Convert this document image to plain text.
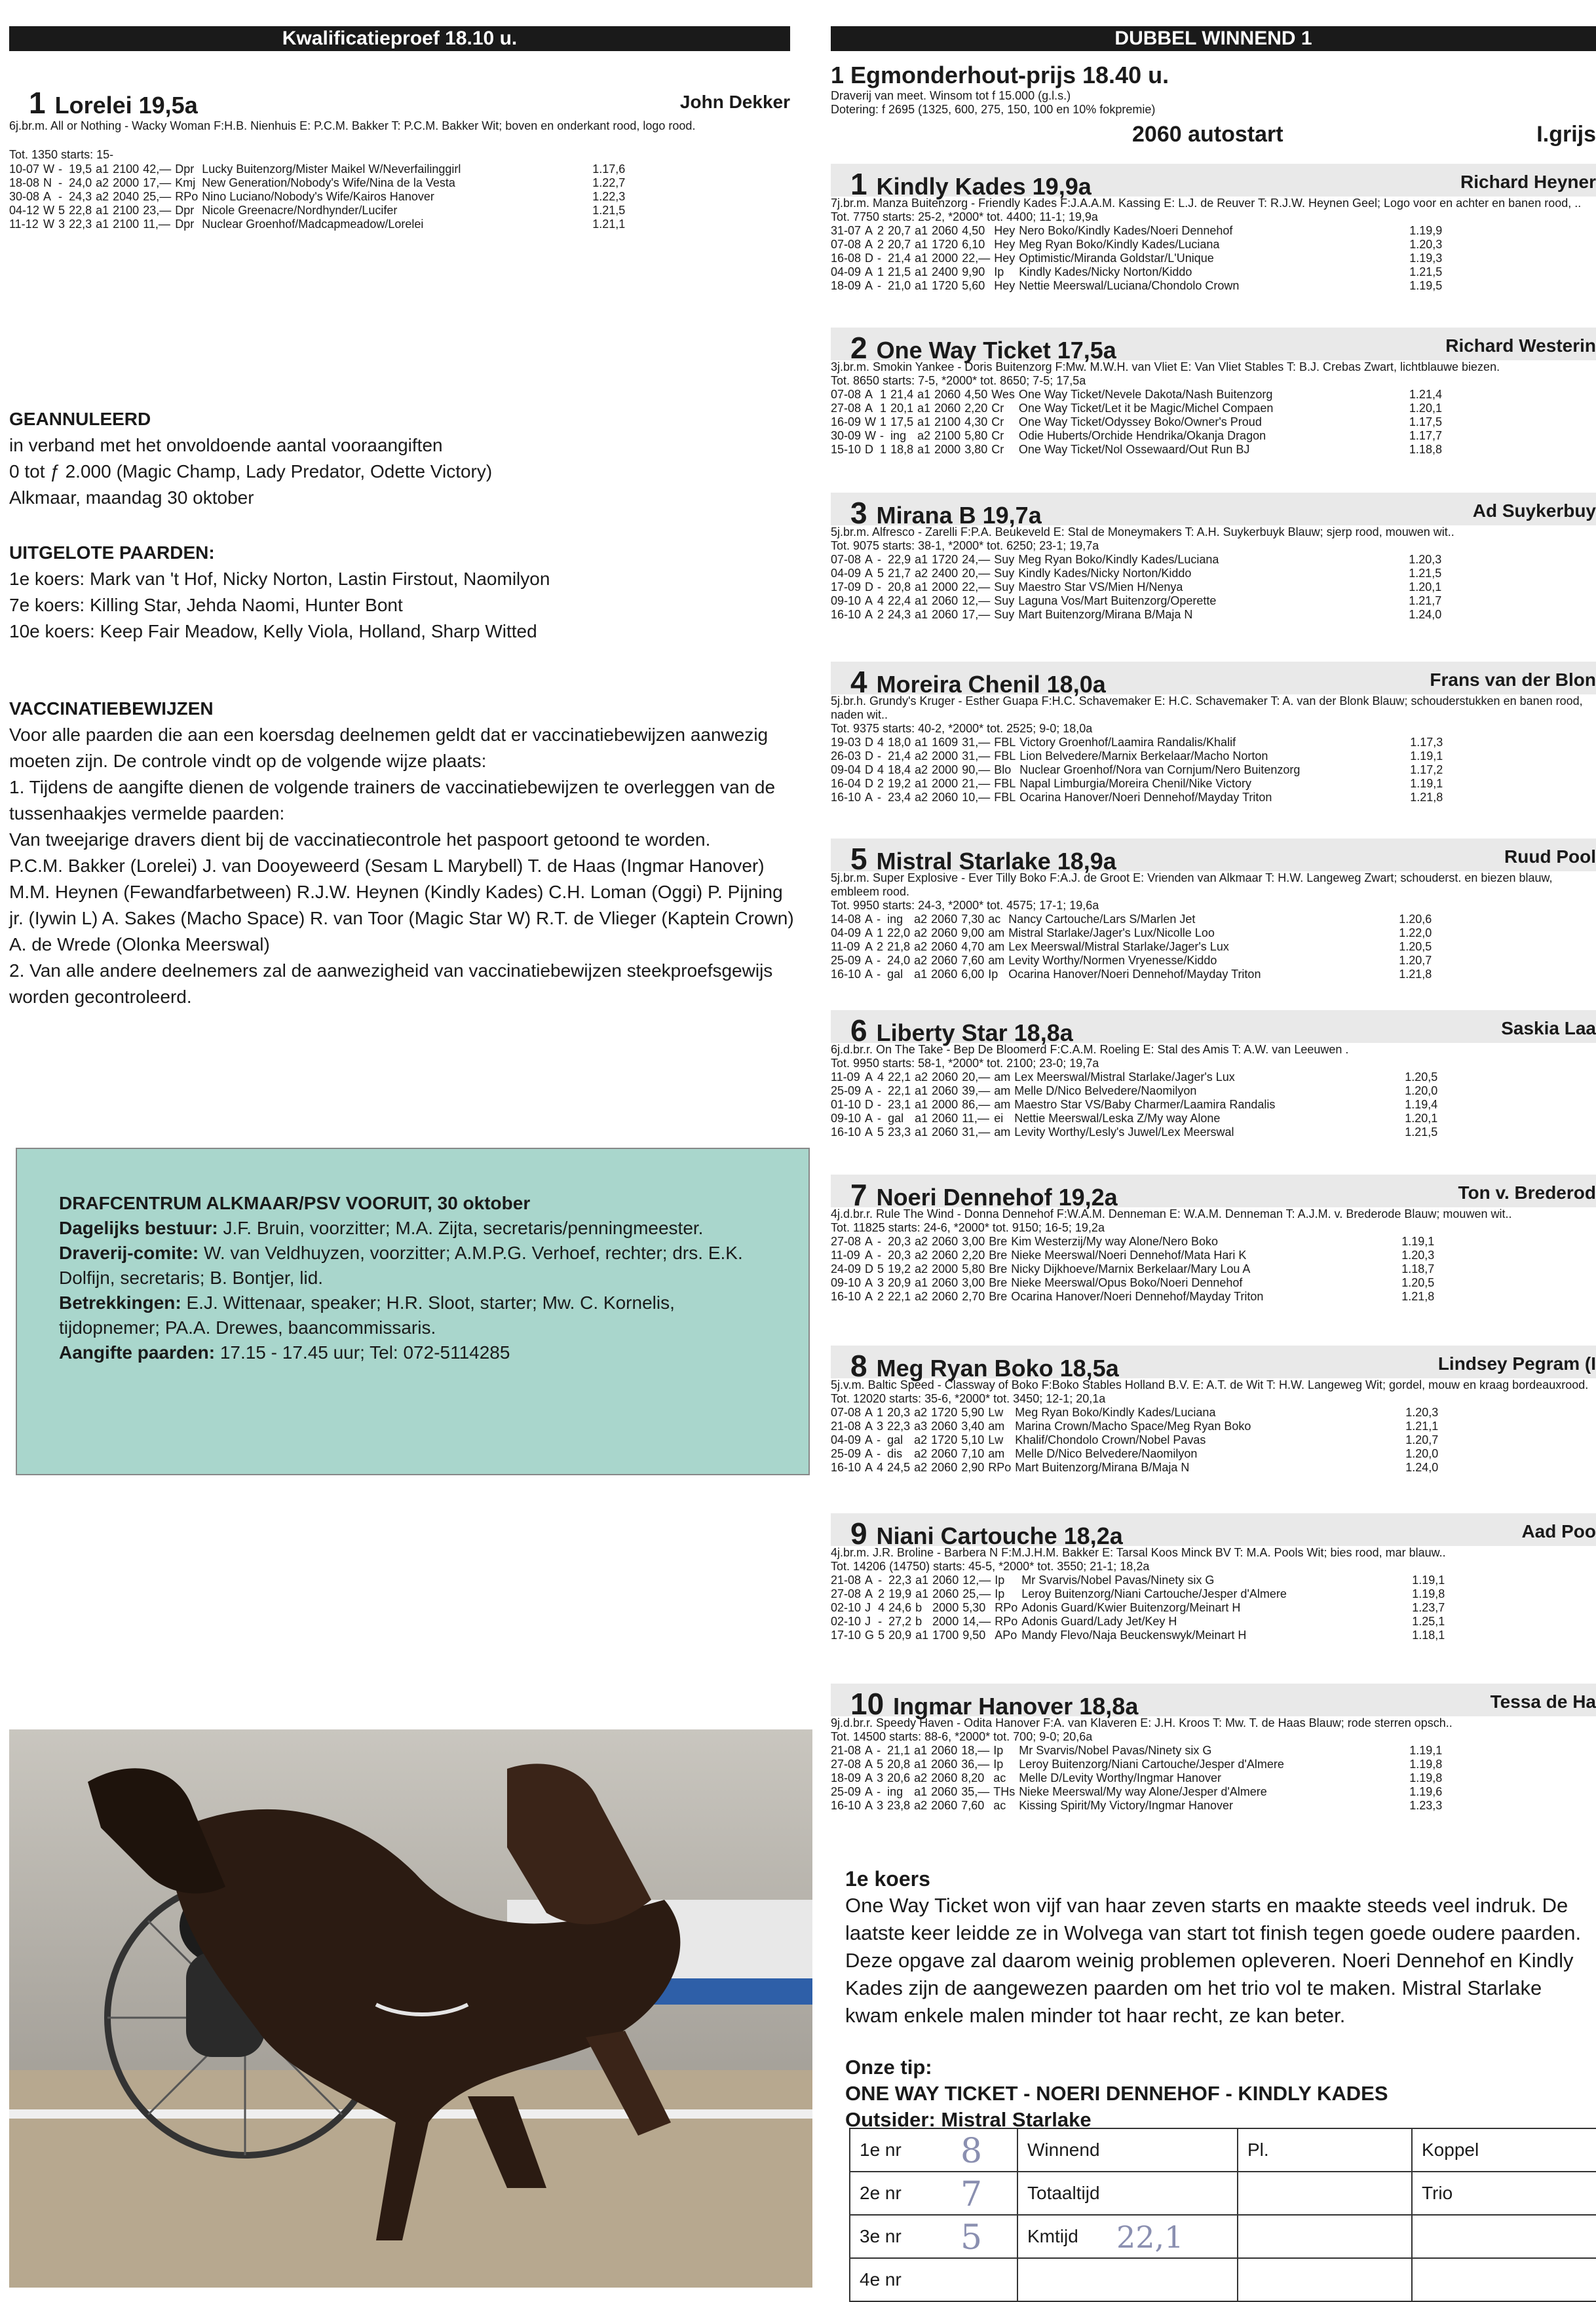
Kwalificatieproef 18.10 u.
1 Lorelei 19,5a	John Dekker
6j.br.m. All or Nothing - Wacky Woman F:H.B. Nienhuis E: P.C.M. Bakker T: P.C.M. Bakker Wit; boven en onderkant rood, logo rood.
Tot. 1350 starts: 15-
10-07	W	-	19,5	a1	2100	42,—	Dpr	Lucky Buitenzorg/Mister Maikel W/Neverfailinggirl	1.17,6
18-08	N	-	24,0	a2	2000	17,—	Kmj	New Generation/Nobody's Wife/Nina de la Vesta	1.22,7
30-08	A	-	24,3	a2	2040	25,—	RPo	Nino Luciano/Nobody's Wife/Kairos Hanover	1.22,3
04-12	W	5	22,8	a1	2100	23,—	Dpr	Nicole Greenacre/Nordhynder/Lucifer	1.21,5
11-12	W	3	22,3	a1	2100	11,—	Dpr	Nuclear Groenhof/Madcapmeadow/Lorelei	1.21,1
GEANNULEERD
in verband met het onvoldoende aantal vooraangiften
0 tot ƒ 2.000 (Magic Champ, Lady Predator, Odette Victory)
Alkmaar, maandag 30 oktober
UITGELOTE PAARDEN:
1e koers: Mark van 't Hof, Nicky Norton, Lastin Firstout, Naomilyon
7e koers: Killing Star, Jehda Naomi, Hunter Bont
10e koers: Keep Fair Meadow, Kelly Viola, Holland, Sharp Witted
VACCINATIEBEWIJZEN
Voor alle paarden die aan een koersdag deelnemen geldt dat er vaccinatiebewijzen aanwezig moeten zijn. De controle vindt op de volgende wijze plaats:
1. Tijdens de aangifte dienen de volgende trainers de vaccinatiebewijzen te overleggen van de tussenhaakjes vermelde paarden:
Van tweejarige dravers dient bij de vaccinatiecontrole het paspoort getoond te worden.
P.C.M. Bakker (Lorelei) J. van Dooyeweerd (Sesam L Marybell) T. de Haas (Ingmar Hanover) M.M. Heynen (Fewandfarbetween) R.J.W. Heynen (Kindly Kades) C.H. Loman (Oggi) P. Pijning jr. (Iywin L) A. Sakes (Macho Space) R. van Toor (Magic Star W) R.T. de Vlieger (Kaptein Crown) A. de Wrede (Olonka Meerswal)
2. Van alle andere deelnemers zal de aanwezigheid van vaccinatiebewijzen steekproefsgewijs worden gecontroleerd.
DRAFCENTRUM ALKMAAR/PSV VOORUIT, 30 oktober
Dagelijks bestuur: J.F. Bruin, voorzitter; M.A. Zijta, secretaris/penningmeester.
Draverij-comite: W. van Veldhuyzen, voorzitter; A.M.P.G. Verhoef, rechter; drs. E.K. Dolfijn, secretaris; B. Bontjer, lid.
Betrekkingen: E.J. Wittenaar, speaker; H.R. Sloot, starter; Mw. C. Kornelis, tijdopnemer; PA.A. Drewes, baancommissaris.
Aangifte paarden: 17.15 - 17.45 uur; Tel: 072-5114285
DUBBEL WINNEND 1
1 Egmonderhout-prijs 18.40 u.
Draverij van meet. Winsom tot f 15.000 (g.l.s.)
Dotering: f 2695 (1325, 600, 275, 150, 100 en 10% fokpremie)
2060 autostart	I.grijs
1 Kindly Kades 19,9a	Richard Heyner
7j.br.m. Manza Buitenzorg - Friendly Kades F:J.A.A.M. Kassing E: L.J. de Reuver T: R.J.W. Heynen Geel; Logo voor en achter en banen rood, ..
Tot. 7750 starts: 25-2, *2000* tot. 4400; 11-1; 19,9a
31-07	A	2	20,7	a1	2060	4,50	Hey	Nero Boko/Kindly Kades/Noeri Dennehof	1.19,9
07-08	A	2	20,7	a1	1720	6,10	Hey	Meg Ryan Boko/Kindly Kades/Luciana	1.20,3
16-08	D	-	21,4	a1	2000	22,—	Hey	Optimistic/Miranda Goldstar/L'Unique	1.19,3
04-09	A	1	21,5	a1	2400	9,90	Ip	Kindly Kades/Nicky Norton/Kiddo	1.21,5
18-09	A	-	21,0	a1	1720	5,60	Hey	Nettie Meerswal/Luciana/Chondolo Crown	1.19,5
2 One Way Ticket 17,5a	Richard Westerin
3j.br.m. Smokin Yankee - Doris Buitenzorg F:Mw. M.W.H. van Vliet E: Van Vliet Stables T: B.J. Crebas Zwart, lichtblauwe biezen.
Tot. 8650 starts: 7-5, *2000* tot. 8650; 7-5; 17,5a
07-08	A	1	21,4	a1	2060	4,50	Wes	One Way Ticket/Nevele Dakota/Nash Buitenzorg	1.21,4
27-08	A	1	20,1	a1	2060	2,20	Cr	One Way Ticket/Let it be Magic/Michel Compaen	1.20,1
16-09	W	1	17,5	a1	2100	4,30	Cr	One Way Ticket/Odyssey Boko/Owner's Proud	1.17,5
30-09	W	-	ing	a2	2100	5,80	Cr	Odie Huberts/Orchide Hendrika/Okanja Dragon	1.17,7
15-10	D	1	18,8	a1	2000	3,80	Cr	One Way Ticket/Nol Ossewaard/Out Run BJ	1.18,8
3 Mirana B 19,7a	Ad Suykerbuy
5j.br.m. Alfresco - Zarelli F:P.A. Beukeveld E: Stal de Moneymakers T: A.H. Suykerbuyk Blauw; sjerp rood, mouwen wit..
Tot. 9075 starts: 38-1, *2000* tot. 6250; 23-1; 19,7a
07-08	A	-	22,9	a1	1720	24,—	Suy	Meg Ryan Boko/Kindly Kades/Luciana	1.20,3
04-09	A	5	21,7	a2	2400	20,—	Suy	Kindly Kades/Nicky Norton/Kiddo	1.21,5
17-09	D	-	20,8	a1	2000	22,—	Suy	Maestro Star VS/Mien H/Nenya	1.20,1
09-10	A	4	22,4	a1	2060	12,—	Suy	Laguna Vos/Mart Buitenzorg/Operette	1.21,7
16-10	A	2	24,3	a1	2060	17,—	Suy	Mart Buitenzorg/Mirana B/Maja N	1.24,0
4 Moreira Chenil 18,0a	Frans van der Blon
5j.br.h. Grundy's Kruger - Esther Guapa F:H.C. Schavemaker E: H.C. Schavemaker T: A. van der Blonk Blauw; schouderstukken en banen rood, naden wit..
Tot. 9375 starts: 40-2, *2000* tot. 2525; 9-0; 18,0a
19-03	D	4	18,0	a1	1609	31,—	FBL	Victory Groenhof/Laamira Randalis/Khalif	1.17,3
26-03	D	-	21,4	a2	2000	31,—	FBL	Lion Belvedere/Marnix Berkelaar/Macho Norton	1.19,1
09-04	D	4	18,4	a2	2000	90,—	Blo	Nuclear Groenhof/Nora van Cornjum/Nero Buitenzorg	1.17,2
16-04	D	2	19,2	a1	2000	21,—	FBL	Napal Limburgia/Moreira Chenil/Nike Victory	1.19,1
16-10	A	-	23,4	a2	2060	10,—	FBL	Ocarina Hanover/Noeri Dennehof/Mayday Triton	1.21,8
5 Mistral Starlake 18,9a	Ruud Pool
5j.br.m. Super Explosive - Ever Tilly Boko F:A.J. de Groot E: Vrienden van Alkmaar T: H.W. Langeweg Zwart; schouderst. en biezen blauw, embleem rood.
Tot. 9950 starts: 24-3, *2000* tot. 4575; 17-1; 19,6a
14-08	A	-	ing	a2	2060	7,30	ac	Nancy Cartouche/Lars S/Marlen Jet	1.20,6
04-09	A	1	22,0	a2	2060	9,00	am	Mistral Starlake/Jager's Lux/Nicolle Loo	1.22,0
11-09	A	2	21,8	a2	2060	4,70	am	Lex Meerswal/Mistral Starlake/Jager's Lux	1.20,5
25-09	A	-	24,0	a2	2060	7,60	am	Levity Worthy/Normen Vryenesse/Kiddo	1.20,7
16-10	A	-	gal	a1	2060	6,00	Ip	Ocarina Hanover/Noeri Dennehof/Mayday Triton	1.21,8
6 Liberty Star 18,8a	Saskia Laa
6j.d.br.r. On The Take - Bep De Bloomerd F:C.A.M. Roeling E: Stal des Amis T: A.W. van Leeuwen .
Tot. 9950 starts: 58-1, *2000* tot. 2100; 23-0; 19,7a
11-09	A	4	22,1	a2	2060	20,—	am	Lex Meerswal/Mistral Starlake/Jager's Lux	1.20,5
25-09	A	-	22,1	a1	2060	39,—	am	Melle D/Nico Belvedere/Naomilyon	1.20,0
01-10	D	-	23,1	a1	2000	86,—	am	Maestro Star VS/Baby Charmer/Laamira Randalis	1.19,4
09-10	A	-	gal	a1	2060	11,—	ei	Nettie Meerswal/Leska Z/My way Alone	1.20,1
16-10	A	5	23,3	a1	2060	31,—	am	Levity Worthy/Lesly's Juwel/Lex Meerswal	1.21,5
7 Noeri Dennehof 19,2a	Ton v. Brederod
4j.d.br.r. Rule The Wind - Donna Dennehof F:W.A.M. Denneman E: W.A.M. Denneman T: A.J.M. v. Brederode Blauw; mouwen wit..
Tot. 11825 starts: 24-6, *2000* tot. 9150; 16-5; 19,2a
27-08	A	-	20,3	a2	2060	3,00	Bre	Kim Westerzij/My way Alone/Nero Boko	1.19,1
11-09	A	-	20,3	a2	2060	2,20	Bre	Nieke Meerswal/Noeri Dennehof/Mata Hari K	1.20,3
24-09	D	5	19,2	a2	2000	5,80	Bre	Nicky Dijkhoeve/Marnix Berkelaar/Mary Lou A	1.18,7
09-10	A	3	20,9	a1	2060	3,00	Bre	Nieke Meerswal/Opus Boko/Noeri Dennehof	1.20,5
16-10	A	2	22,1	a2	2060	2,70	Bre	Ocarina Hanover/Noeri Dennehof/Mayday Triton	1.21,8
8 Meg Ryan Boko 18,5a	Lindsey Pegram (I
5j.v.m. Baltic Speed - Classway of Boko F:Boko Stables Holland B.V. E: A.T. de Wit T: H.W. Langeweg Wit; gordel, mouw en kraag bordeauxrood.
Tot. 12020 starts: 35-6, *2000* tot. 3450; 12-1; 20,1a
07-08	A	1	20,3	a2	1720	5,90	Lw	Meg Ryan Boko/Kindly Kades/Luciana	1.20,3
21-08	A	3	22,3	a3	2060	3,40	am	Marina Crown/Macho Space/Meg Ryan Boko	1.21,1
04-09	A	-	gal	a2	1720	5,10	Lw	Khalif/Chondolo Crown/Nobel Pavas	1.20,7
25-09	A	-	dis	a2	2060	7,10	am	Melle D/Nico Belvedere/Naomilyon	1.20,0
16-10	A	4	24,5	a2	2060	2,90	RPo	Mart Buitenzorg/Mirana B/Maja N	1.24,0
9 Niani Cartouche 18,2a	Aad Poo
4j.br.m. J.R. Broline - Barbera N F:M.J.H.M. Bakker E: Tarsal Koos Minck BV T: M.A. Pools Wit; bies rood, mar blauw..
Tot. 14206 (14750) starts: 45-5, *2000* tot. 3550; 21-1; 18,2a
21-08	A	-	22,3	a1	2060	12,—	Ip	Mr Svarvis/Nobel Pavas/Ninety six G	1.19,1
27-08	A	2	19,9	a1	2060	25,—	Ip	Leroy Buitenzorg/Niani Cartouche/Jesper d'Almere	1.19,8
02-10	J	4	24,6	b	2000	5,30	RPo	Adonis Guard/Kwier Buitenzorg/Meinart H	1.23,7
02-10	J	-	27,2	b	2000	14,—	RPo	Adonis Guard/Lady Jet/Key H	1.25,1
17-10	G	5	20,9	a1	1700	9,50	APo	Mandy Flevo/Naja Beuckenswyk/Meinart H	1.18,1
10 Ingmar Hanover 18,8a	Tessa de Ha
9j.d.br.r. Speedy Haven - Odita Hanover F:A. van Klaveren E: J.H. Kroos T: Mw. T. de Haas Blauw; rode sterren opsch..
Tot. 14500 starts: 88-6, *2000* tot. 700; 9-0; 20,6a
21-08	A	-	21,1	a1	2060	18,—	Ip	Mr Svarvis/Nobel Pavas/Ninety six G	1.19,1
27-08	A	5	20,8	a1	2060	36,—	Ip	Leroy Buitenzorg/Niani Cartouche/Jesper d'Almere	1.19,8
18-09	A	3	20,6	a2	2060	8,20	ac	Melle D/Levity Worthy/Ingmar Hanover	1.19,8
25-09	A	-	ing	a1	2060	35,—	THs	Nieke Meerswal/My way Alone/Jesper d'Almere	1.19,6
16-10	A	3	23,8	a2	2060	7,60	ac	Kissing Spirit/My Victory/Ingmar Hanover	1.23,3
1e koers
One Way Ticket won vijf van haar zeven starts en maakte steeds veel indruk. De laatste keer leidde ze in Wolvega van start tot finish tegen goede oudere paarden. Deze opgave zal daarom weinig problemen opleveren. Noeri Dennehof en Kindly Kades zijn de aangewezen paarden om het trio vol te maken. Mistral Starlake kwam enkele malen minder tot haar recht, ze kan beter.
Onze tip:
ONE WAY TICKET - NOERI DENNEHOF - KINDLY KADES
Outsider: Mistral Starlake
1e nr 8	Winnend	Pl.	Koppel
2e nr 7	Totaaltijd		Trio
3e nr 5	Kmtijd 22,1		

4e nr
